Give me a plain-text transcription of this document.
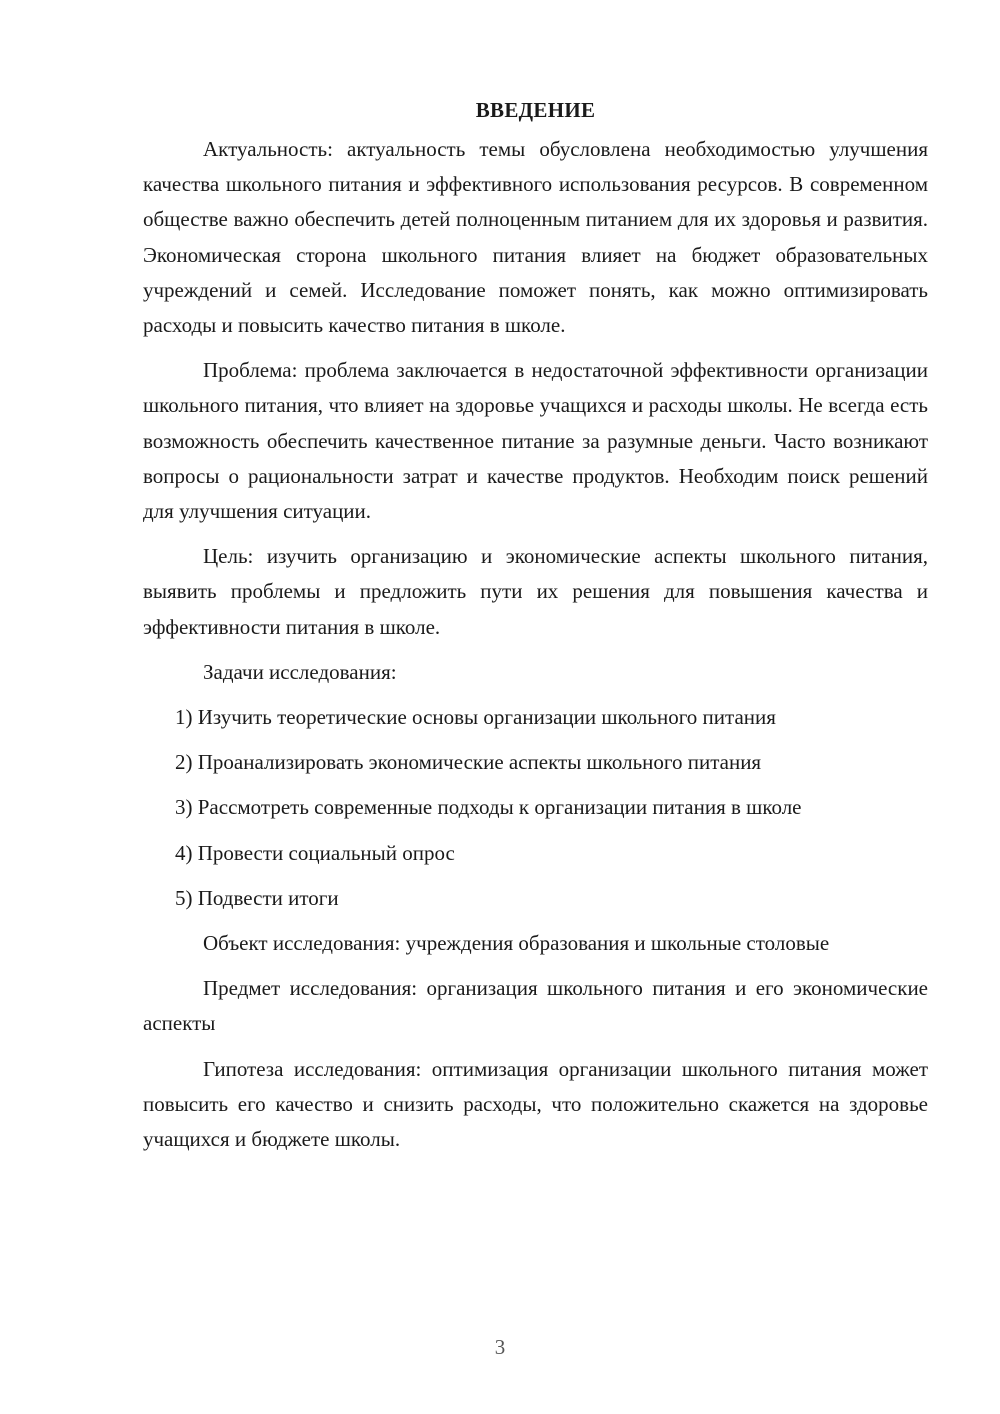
ВВЕДЕНИЕ

Актуальность: актуальность темы обусловлена необходимостью улучшения качества школьного питания и эффективного использования ресурсов. В современном обществе важно обеспечить детей полноценным питанием для их здоровья и развития. Экономическая сторона школьного питания влияет на бюджет образовательных учреждений и семей. Исследование поможет понять, как можно оптимизировать расходы и повысить качество питания в школе.

Проблема: проблема заключается в недостаточной эффективности организации школьного питания, что влияет на здоровье учащихся и расходы школы. Не всегда есть возможность обеспечить качественное питание за разумные деньги. Часто возникают вопросы о рациональности затрат и качестве продуктов. Необходим поиск решений для улучшения ситуации.

Цель: изучить организацию и экономические аспекты школьного питания, выявить проблемы и предложить пути их решения для повышения качества и эффективности питания в школе.

Задачи исследования:

1) Изучить теоретические основы организации школьного питания

2) Проанализировать экономические аспекты школьного питания

3) Рассмотреть современные подходы к организации питания в школе

4) Провести социальный опрос

5) Подвести итоги

Объект исследования: учреждения образования и школьные столовые

Предмет исследования: организация школьного питания и его экономические аспекты

Гипотеза исследования: оптимизация организации школьного питания может повысить его качество и снизить расходы, что положительно скажется на здоровье учащихся и бюджете школы.

3
